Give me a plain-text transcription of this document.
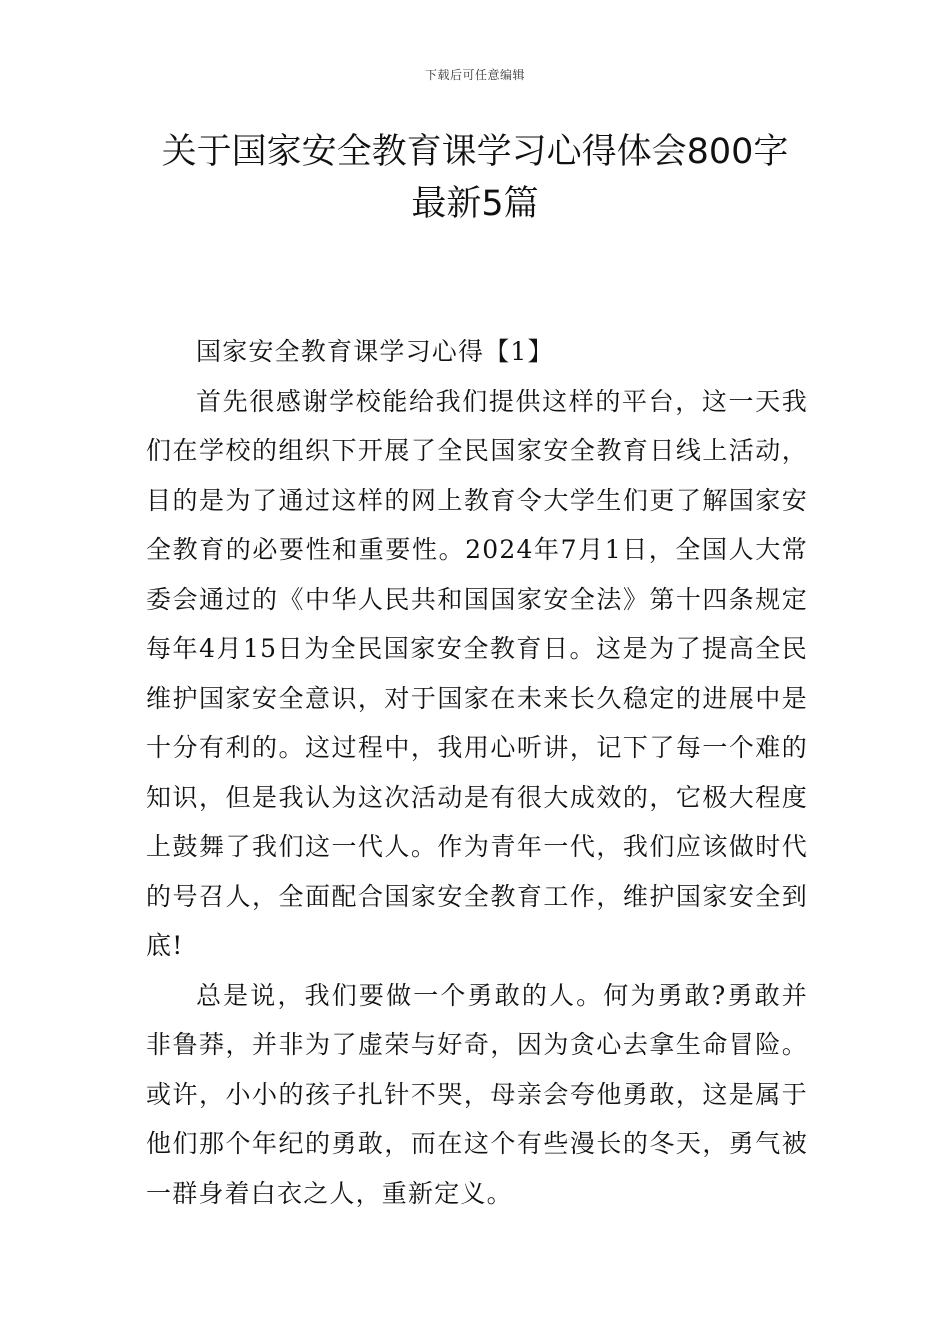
下载后可任意编辑
关于国家安全教育课学习心得体会800字
最新5篇

国家安全教育课学习心得【1】

首先很感谢学校能给我们提供这样的平台，这一天我们在学校的组织下开展了全民国家安全教育日线上活动，目的是为了通过这样的网上教育令大学生们更了解国家安全教育的必要性和重要性。2024年7月1日，全国人大常委会通过的《中华人民共和国国家安全法》第十四条规定每年4月15日为全民国家安全教育日。这是为了提高全民维护国家安全意识，对于国家在未来长久稳定的进展中是十分有利的。这过程中，我用心听讲，记下了每一个难的知识，但是我认为这次活动是有很大成效的，它极大程度上鼓舞了我们这一代人。作为青年一代，我们应该做时代的号召人，全面配合国家安全教育工作，维护国家安全到底!

总是说，我们要做一个勇敢的人。何为勇敢?勇敢并非鲁莽，并非为了虚荣与好奇，因为贪心去拿生命冒险。或许，小小的孩子扎针不哭，母亲会夸他勇敢，这是属于他们那个年纪的勇敢，而在这个有些漫长的冬天，勇气被一群身着白衣之人，重新定义。
